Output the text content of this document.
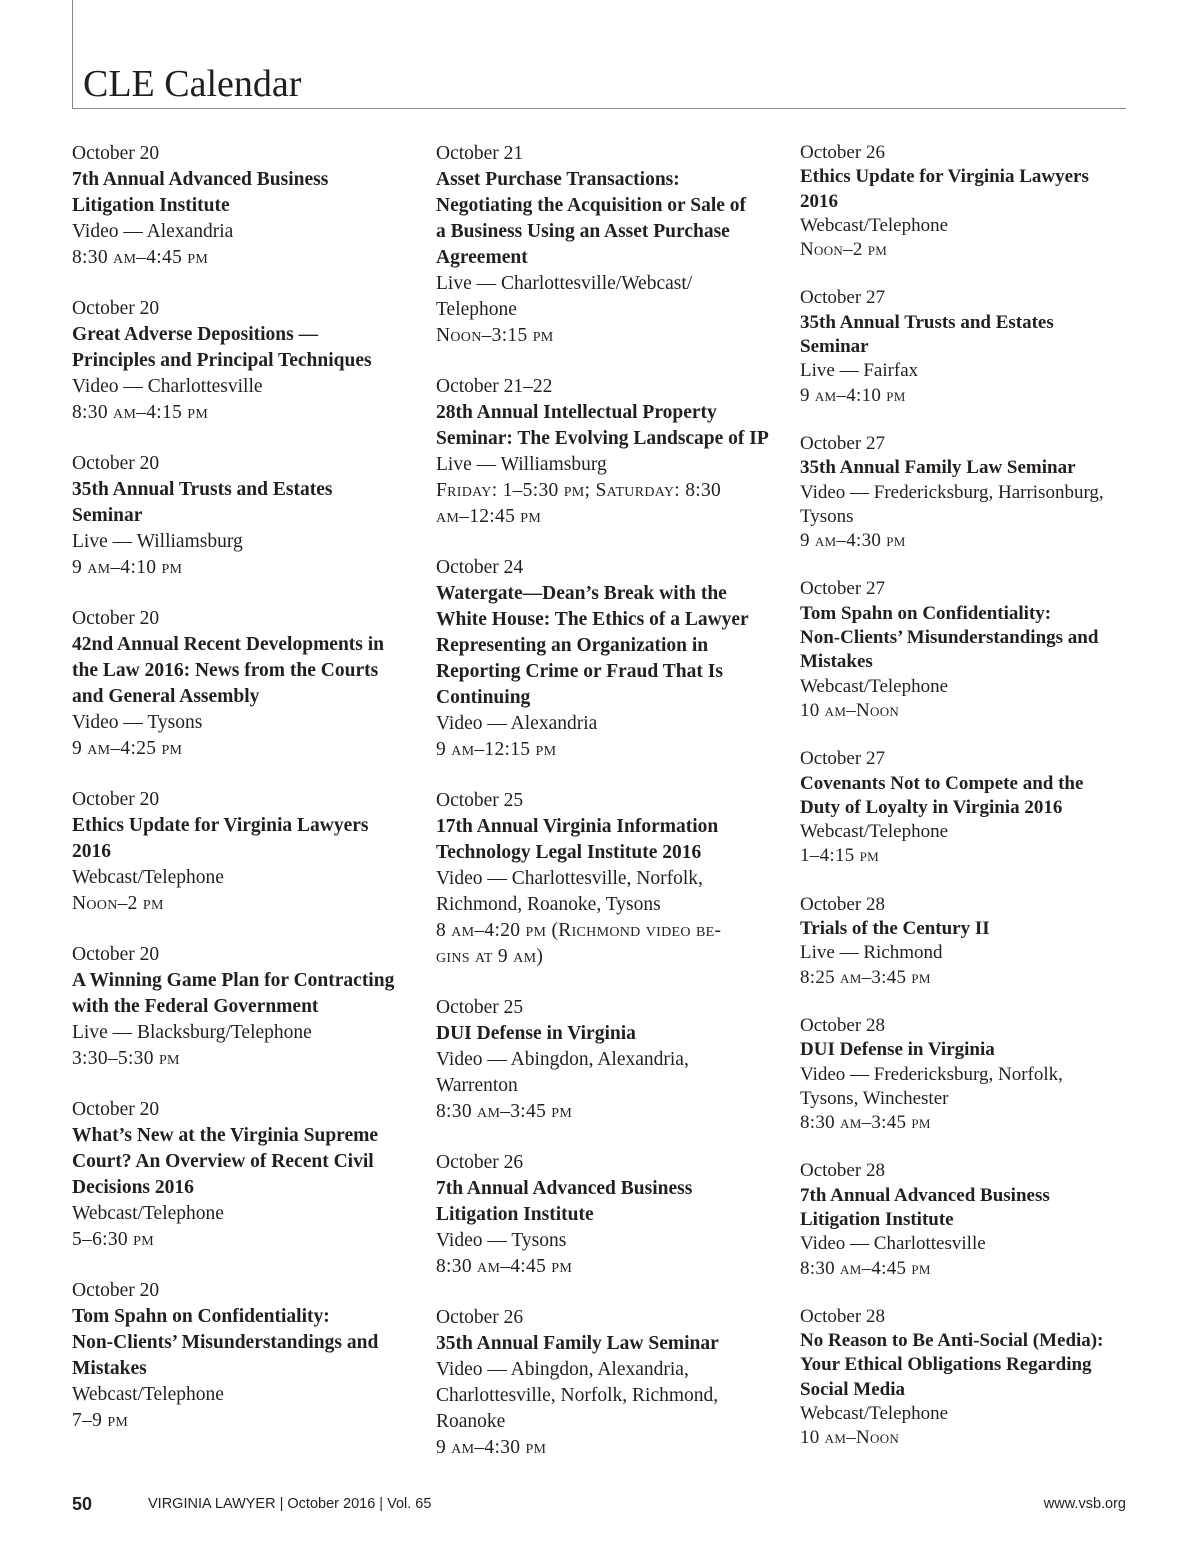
CLE Calendar
October 20
7th Annual Advanced Business
Litigation Institute
Video — Alexandria
8:30 am–4:45 pm
October 20
Great Adverse Depositions —
Principles and Principal Techniques
Video — Charlottesville
8:30 am–4:15 pm
October 20
35th Annual Trusts and Estates
Seminar
Live — Williamsburg
9 am–4:10 pm
October 20
42nd Annual Recent Developments in
the Law 2016: News from the Courts
and General Assembly
Video — Tysons
9 am–4:25 pm
October 20
Ethics Update for Virginia Lawyers
2016
Webcast/Telephone
Noon–2 pm
October 20
A Winning Game Plan for Contracting
with the Federal Government
Live — Blacksburg/Telephone
3:30–5:30 pm
October 20
What’s New at the Virginia Supreme
Court? An Overview of Recent Civil
Decisions 2016
Webcast/Telephone
5–6:30 pm
October 20
Tom Spahn on Confidentiality:
Non-Clients’ Misunderstandings and
Mistakes
Webcast/Telephone
7–9 pm
October 21
Asset Purchase Transactions:
Negotiating the Acquisition or Sale of
a Business Using an Asset Purchase
Agreement
Live — Charlottesville/Webcast/
Telephone
Noon–3:15 pm
October 21–22
28th Annual Intellectual Property
Seminar: The Evolving Landscape of IP
Live — Williamsburg
Friday: 1–5:30 pm; Saturday: 8:30
am–12:45 pm
October 24
Watergate—Dean’s Break with the
White House: The Ethics of a Lawyer
Representing an Organization in
Reporting Crime or Fraud That Is
Continuing
Video — Alexandria
9 am–12:15 pm
October 25
17th Annual Virginia Information
Technology Legal Institute 2016
Video — Charlottesville, Norfolk,
Richmond, Roanoke, Tysons
8 am–4:20 pm (Richmond video be-
gins at 9 am)
October 25
DUI Defense in Virginia
Video — Abingdon, Alexandria,
Warrenton
8:30 am–3:45 pm
October 26
7th Annual Advanced Business
Litigation Institute
Video — Tysons
8:30 am–4:45 pm
October 26
35th Annual Family Law Seminar
Video — Abingdon, Alexandria,
Charlottesville, Norfolk, Richmond,
Roanoke
9 am–4:30 pm
October 26
Ethics Update for Virginia Lawyers
2016
Webcast/Telephone
Noon–2 pm
October 27
35th Annual Trusts and Estates
Seminar
Live — Fairfax
9 am–4:10 pm
October 27
35th Annual Family Law Seminar
Video — Fredericksburg, Harrisonburg,
Tysons
9 am–4:30 pm
October 27
Tom Spahn on Confidentiality:
Non-Clients’ Misunderstandings and
Mistakes
Webcast/Telephone
10 am–Noon
October 27
Covenants Not to Compete and the
Duty of Loyalty in Virginia 2016
Webcast/Telephone
1–4:15 pm
October 28
Trials of the Century II
Live — Richmond
8:25 am–3:45 pm
October 28
DUI Defense in Virginia
Video — Fredericksburg, Norfolk,
Tysons, Winchester
8:30 am–3:45 pm
October 28
7th Annual Advanced Business
Litigation Institute
Video — Charlottesville
8:30 am–4:45 pm
October 28
No Reason to Be Anti-Social (Media):
Your Ethical Obligations Regarding
Social Media
Webcast/Telephone
10 am–Noon
50	VIRGINIA LAWYER | October 2016 | Vol. 65	www.vsb.org
